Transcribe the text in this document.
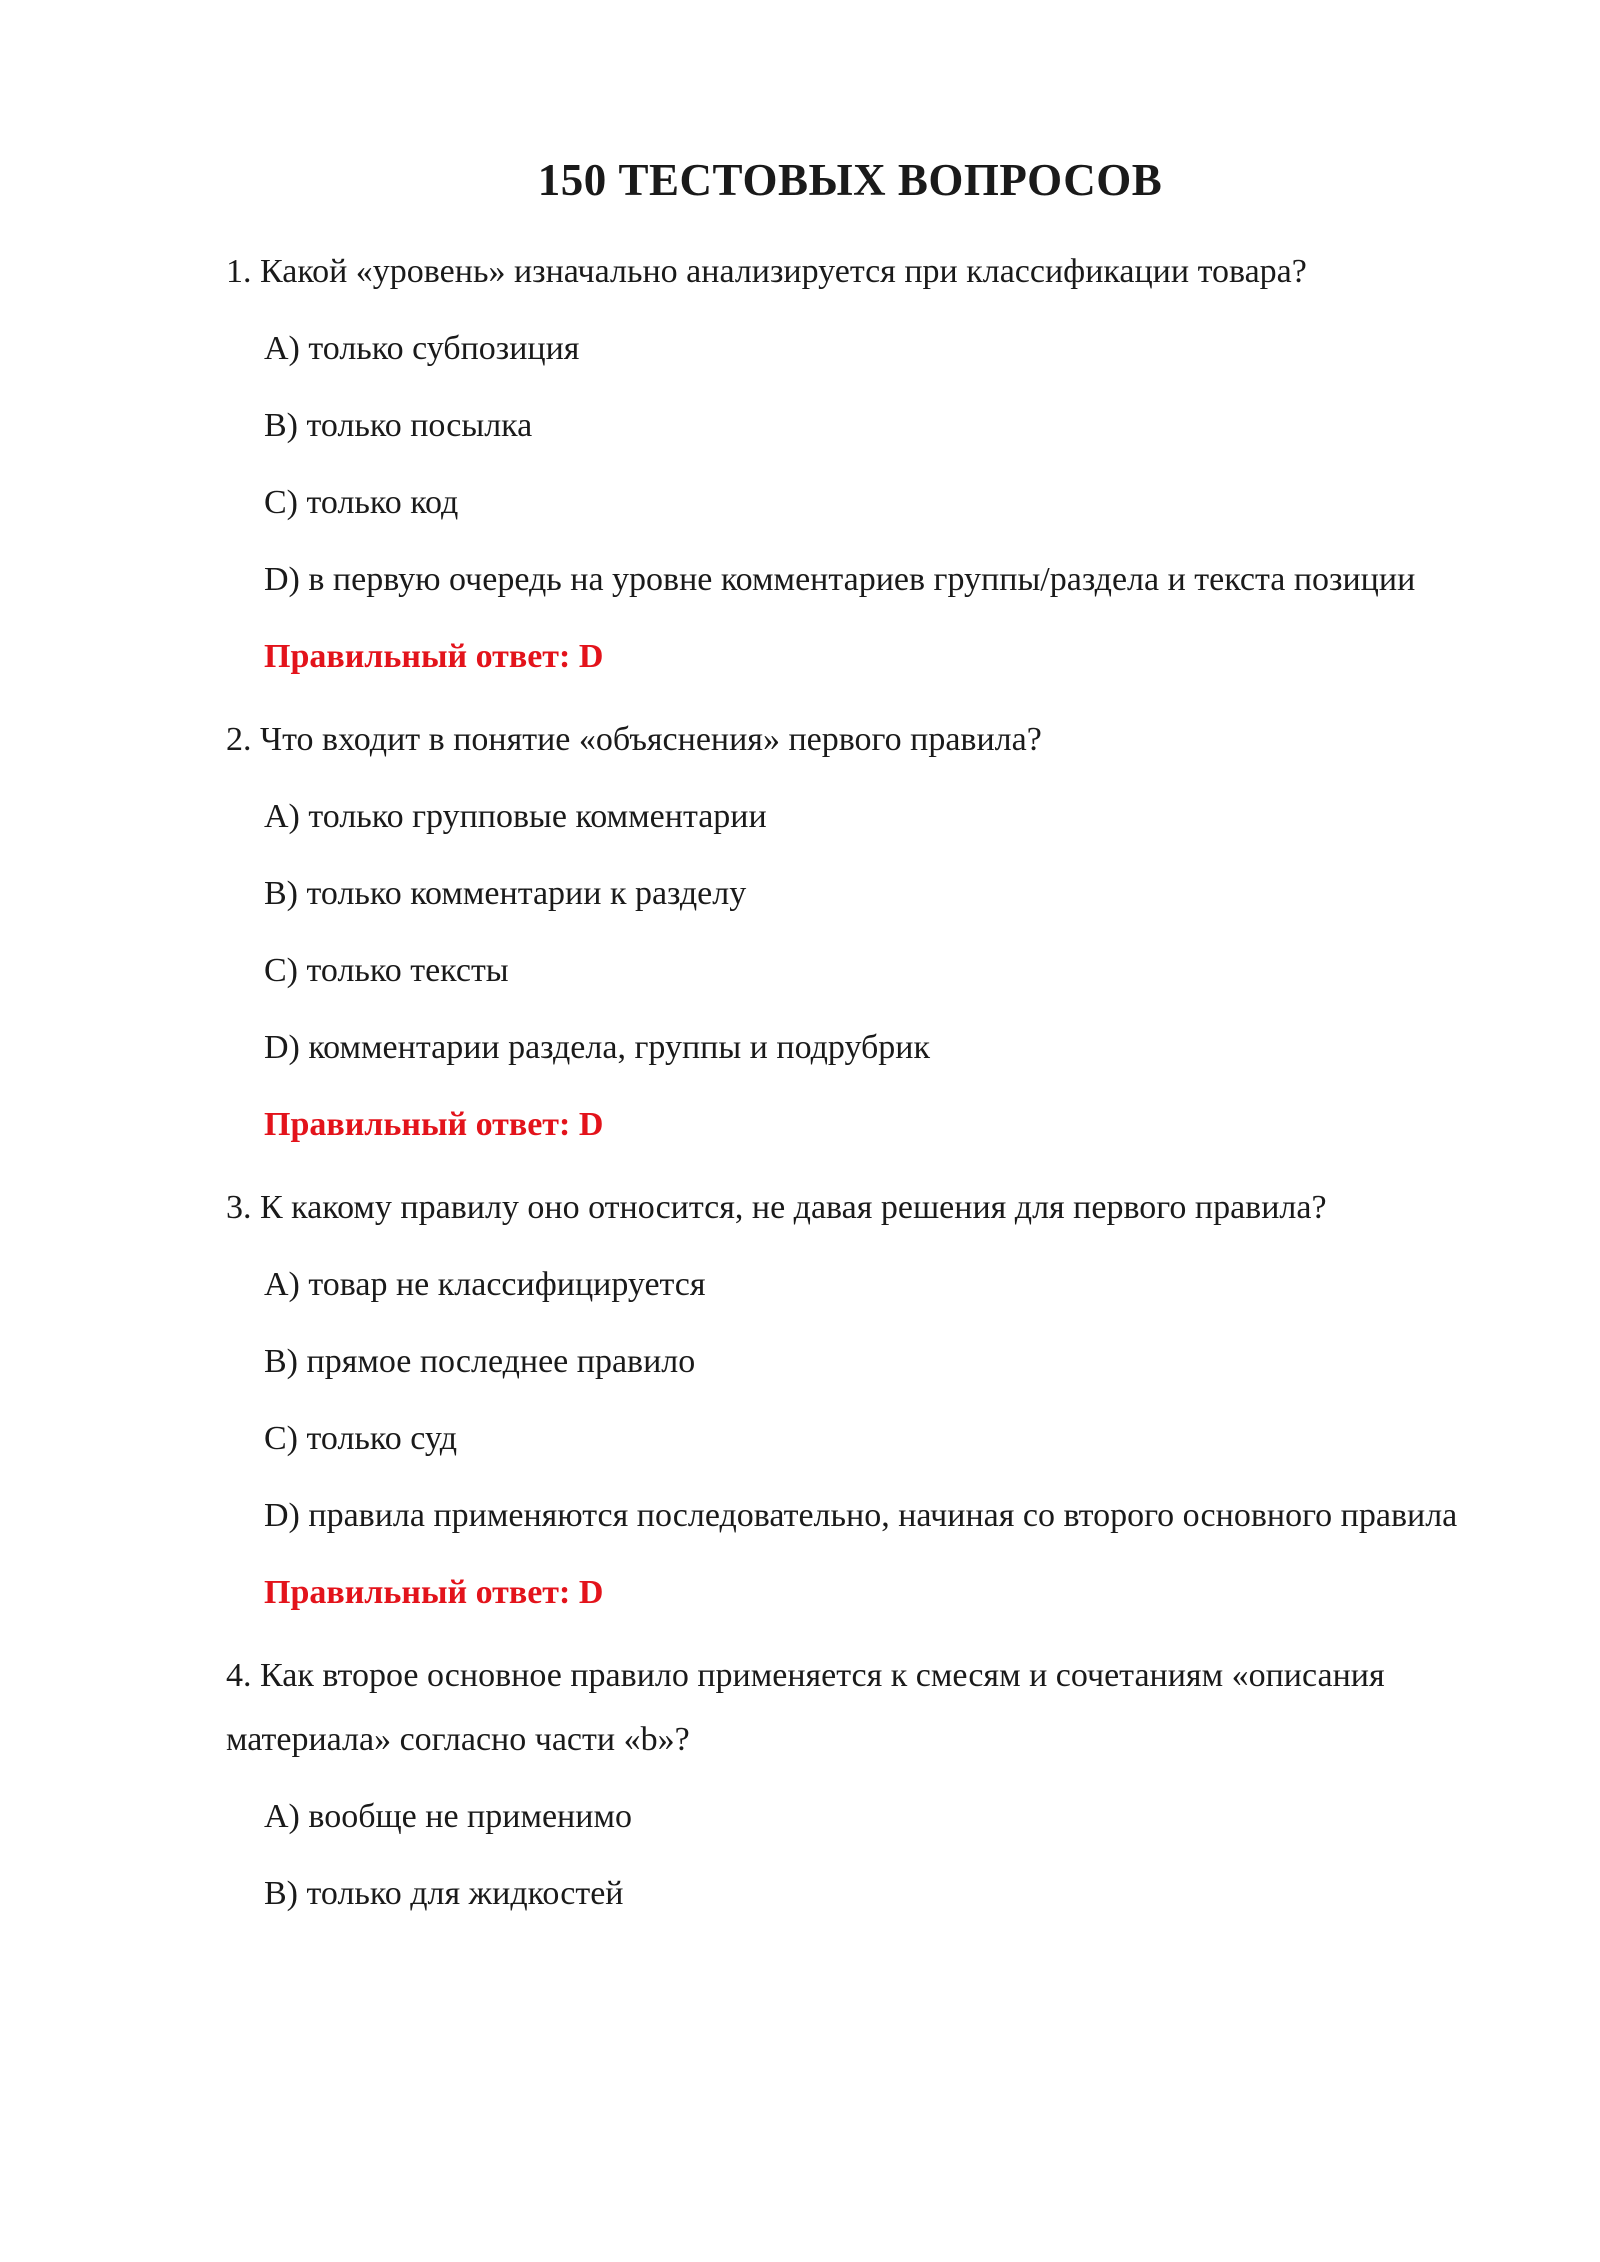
150 ТЕСТОВЫХ ВОПРОСОВ
1. Какой «уровень» изначально анализируется при классификации товара?
A) только субпозиция
B) только посылка
C) только код
D) в первую очередь на уровне комментариев группы/раздела и текста позиции
Правильный ответ: D
2. Что входит в понятие «объяснения» первого правила?
A) только групповые комментарии
B) только комментарии к разделу
C) только тексты
D) комментарии раздела, группы и подрубрик
Правильный ответ: D
3. К какому правилу оно относится, не давая решения для первого правила?
A) товар не классифицируется
B) прямое последнее правило
C) только суд
D) правила применяются последовательно, начиная со второго основного правила
Правильный ответ: D
4. Как второе основное правило применяется к смесям и сочетаниям «описания материала» согласно части «b»?
A) вообще не применимо
B) только для жидкостей
